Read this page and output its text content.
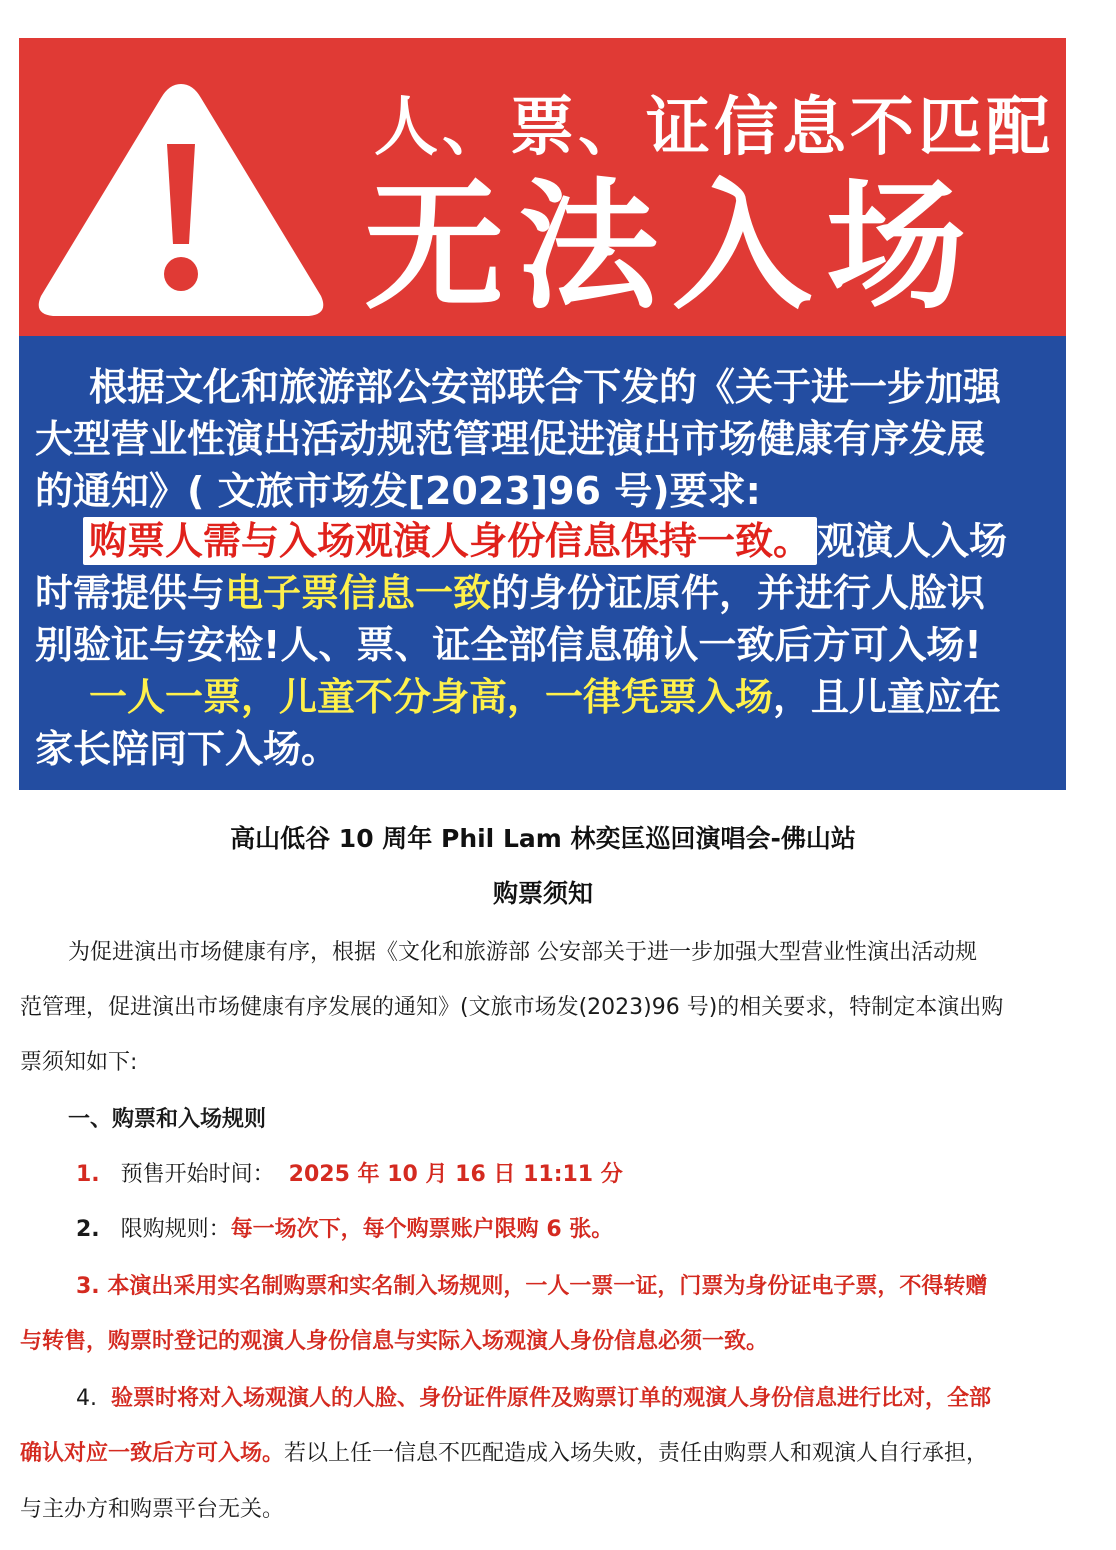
人、票、证信息不匹配
无法入场
根据文化和旅游部公安部联合下发的《关于进一步加强
大型营业性演出活动规范管理促进演出市场健康有序发展
的通知》( 文旅市场发[2023]96 号)要求:
购票人需与入场观演人身份信息保持一致。 观演人入场
时需提供与电子票信息一致的身份证原件，并进行人脸识
别验证与安检!人、票、证全部信息确认一致后方可入场!
一人一票，儿童不分身高，一律凭票入场，且儿童应在
家长陪同下入场。
高山低谷 10 周年 Phil Lam 林奕匡巡回演唱会-佛山站
购票须知
为促进演出市场健康有序，根据《文化和旅游部 公安部关于进一步加强大型营业性演出活动规
范管理，促进演出市场健康有序发展的通知》(文旅市场发(2023)96 号)的相关要求，特制定本演出购
票须知如下:
一、购票和入场规则
1. 预售开始时间： 2025 年 10 月 16 日 11:11 分
2. 限购规则：每一场次下，每个购票账户限购 6 张。
3. 本演出采用实名制购票和实名制入场规则，一人一票一证，门票为身份证电子票，不得转赠
与转售，购票时登记的观演人身份信息与实际入场观演人身份信息必须一致。
4. 验票时将对入场观演人的人脸、身份证件原件及购票订单的观演人身份信息进行比对，全部
确认对应一致后方可入场。若以上任一信息不匹配造成入场失败，责任由购票人和观演人自行承担，
与主办方和购票平台无关。
